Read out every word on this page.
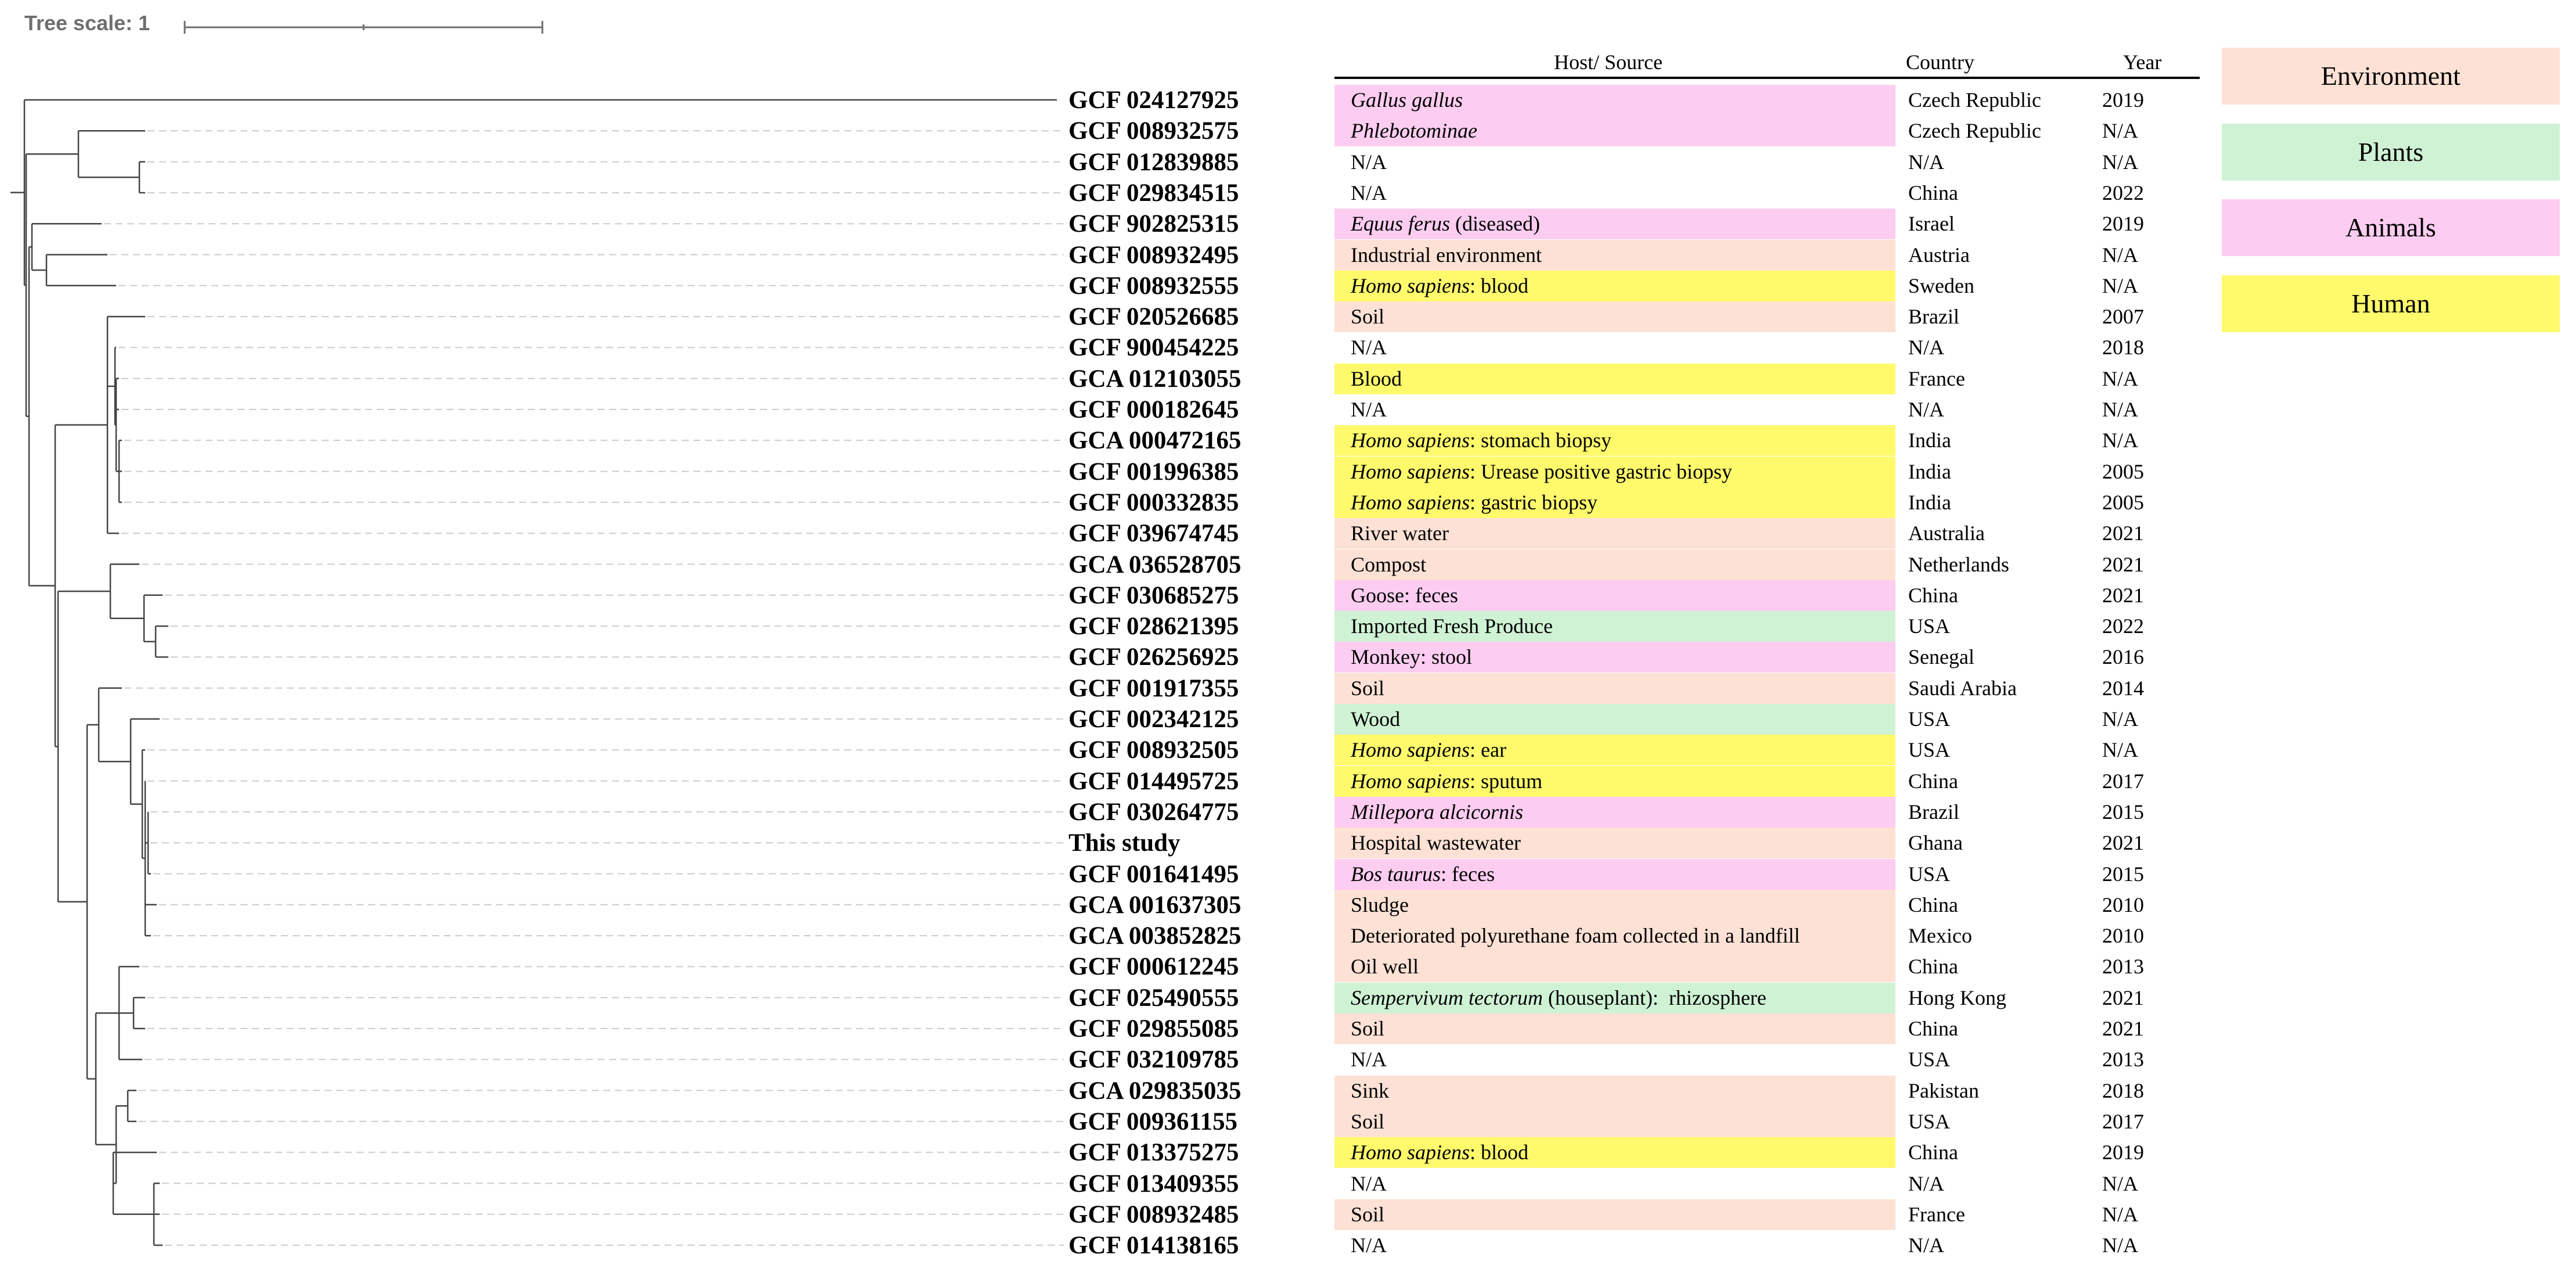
Tree scale: 1
Host/ Source	Country	Year
GCF 024127925	Gallus gallus	Czech Republic	2019
GCF 008932575	Phlebotominae	Czech Republic	N/A
GCF 012839885	N/A	N/A	N/A
GCF 029834515	N/A	China	2022
GCF 902825315	Equus ferus (diseased)	Israel	2019
GCF 008932495	Industrial environment	Austria	N/A
GCF 008932555	Homo sapiens: blood	Sweden	N/A
GCF 020526685	Soil	Brazil	2007
GCF 900454225	N/A	N/A	2018
GCA 012103055	Blood	France	N/A
GCF 000182645	N/A	N/A	N/A
GCA 000472165	Homo sapiens: stomach biopsy	India	N/A
GCF 001996385	Homo sapiens: Urease positive gastric biopsy	India	2005
GCF 000332835	Homo sapiens: gastric biopsy	India	2005
GCF 039674745	River water	Australia	2021
GCA 036528705	Compost	Netherlands	2021
GCF 030685275	Goose: feces	China	2021
GCF 028621395	Imported Fresh Produce	USA	2022
GCF 026256925	Monkey: stool	Senegal	2016
GCF 001917355	Soil	Saudi Arabia	2014
GCF 002342125	Wood	USA	N/A
GCF 008932505	Homo sapiens: ear	USA	N/A
GCF 014495725	Homo sapiens: sputum	China	2017
GCF 030264775	Millepora alcicornis	Brazil	2015
This study	Hospital wastewater	Ghana	2021
GCF 001641495	Bos taurus: feces	USA	2015
GCA 001637305	Sludge	China	2010
GCA 003852825	Deteriorated polyurethane foam collected in a landfill	Mexico	2010
GCF 000612245	Oil well	China	2013
GCF 025490555	Sempervivum tectorum (houseplant):  rhizosphere	Hong Kong	2021
GCF 029855085	Soil	China	2021
GCF 032109785	N/A	USA	2013
GCA 029835035	Sink	Pakistan	2018
GCF 009361155	Soil	USA	2017
GCF 013375275	Homo sapiens: blood	China	2019
GCF 013409355	N/A	N/A	N/A
GCF 008932485	Soil	France	N/A
GCF 014138165	N/A	N/A	N/A
Environment
Plants
Animals
Human
